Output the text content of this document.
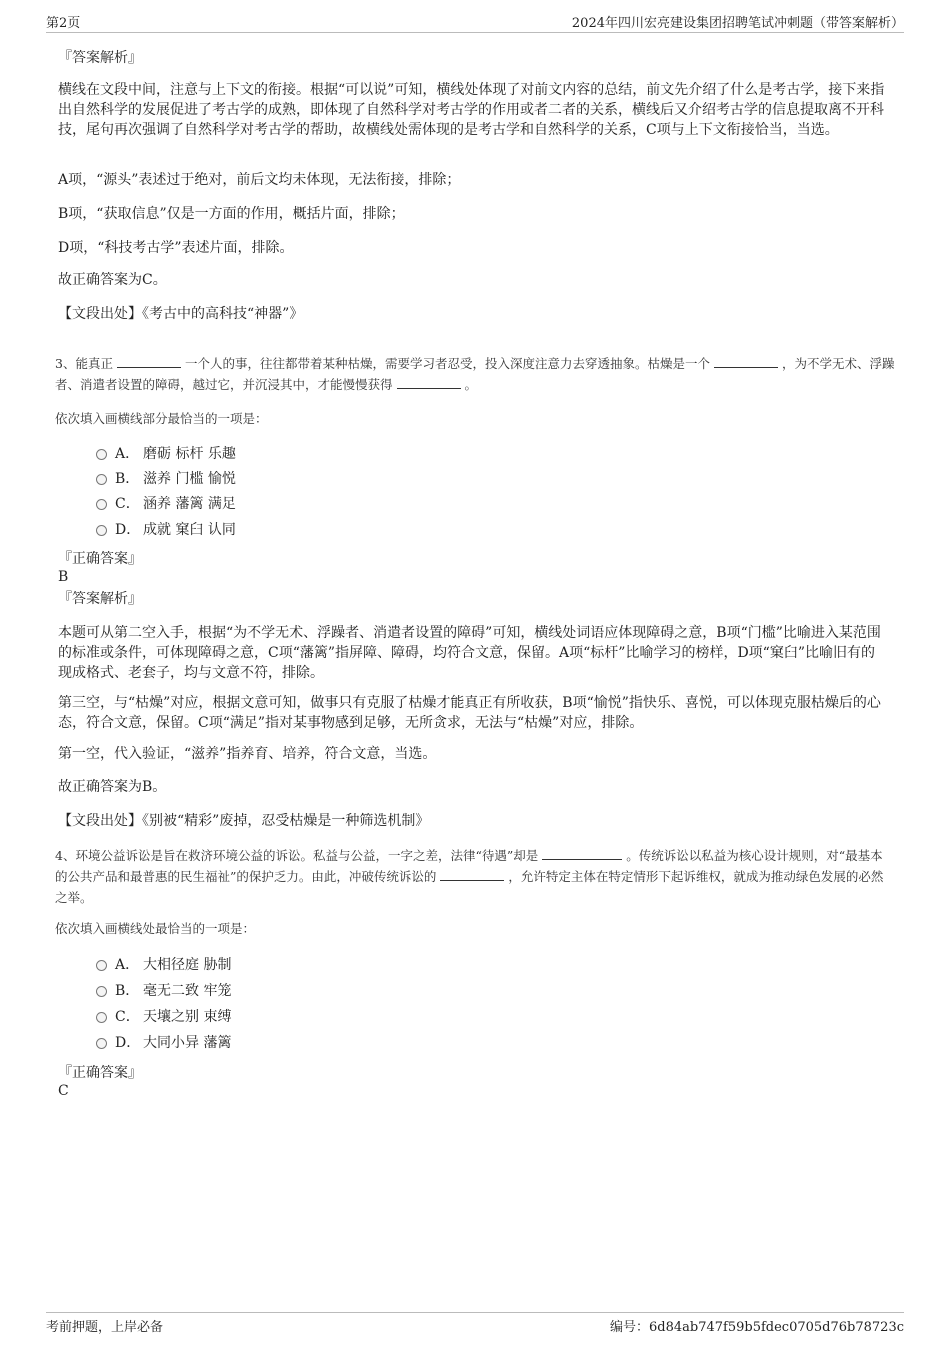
第2页	2024年四川宏亮建设集团招聘笔试冲刺题（带答案解析）
『答案解析』
横线在文段中间，注意与上下文的衔接。根据“可以说”可知，横线处体现了对前文内容的总结，前文先介绍了什么是考古学，接下来指出自然科学的发展促进了考古学的成熟，即体现了自然科学对考古学的作用或者二者的关系，横线后又介绍考古学的信息提取离不开科技，尾句再次强调了自然科学对考古学的帮助，故横线处需体现的是考古学和自然科学的关系，C项与上下文衔接恰当，当选。
A项，“源头”表述过于绝对，前后文均未体现，无法衔接，排除；
B项，“获取信息”仅是一方面的作用，概括片面，排除；
D项，“科技考古学”表述片面，排除。
故正确答案为C。
【文段出处】《考古中的高科技“神器”》
3、能真正	一个人的事，往往都带着某种枯燥，需要学习者忍受，投入深度注意力去穿透抽象。枯燥是一个	，为不学无术、浮躁者、消遣者设置的障碍，越过它，并沉浸其中，才能慢慢获得	。
依次填入画横线部分最恰当的一项是：
A． 磨砺 标杆 乐趣
B． 滋养 门槛 愉悦
C． 涵养 藩篱 满足
D． 成就 窠臼 认同
『正确答案』
B
『答案解析』
本题可从第二空入手，根据“为不学无术、浮躁者、消遣者设置的障碍”可知，横线处词语应体现障碍之意，B项“门槛”比喻进入某范围的标准或条件，可体现障碍之意，C项“藩篱”指屏障、障碍，均符合文意，保留。A项“标杆”比喻学习的榜样，D项“窠臼”比喻旧有的现成格式、老套子，均与文意不符，排除。
第三空，与“枯燥”对应，根据文意可知，做事只有克服了枯燥才能真正有所收获，B项“愉悦”指快乐、喜悦，可以体现克服枯燥后的心态，符合文意，保留。C项“满足”指对某事物感到足够，无所贪求，无法与“枯燥”对应，排除。
第一空，代入验证，“滋养”指养育、培养，符合文意，当选。
故正确答案为B。
【文段出处】《别被“精彩”废掉，忍受枯燥是一种筛选机制》
4、环境公益诉讼是旨在救济环境公益的诉讼。私益与公益，一字之差，法律“待遇”却是	。传统诉讼以私益为核心设计规则，对“最基本的公共产品和最普惠的民生福祉”的保护乏力。由此，冲破传统诉讼的	，允许特定主体在特定情形下起诉维权，就成为推动绿色发展的必然之举。
依次填入画横线处最恰当的一项是：
A． 大相径庭 胁制
B． 毫无二致 牢笼
C． 天壤之别 束缚
D． 大同小异 藩篱
『正确答案』
C
考前押题，上岸必备	编号：6d84ab747f59b5fdec0705d76b78723c
